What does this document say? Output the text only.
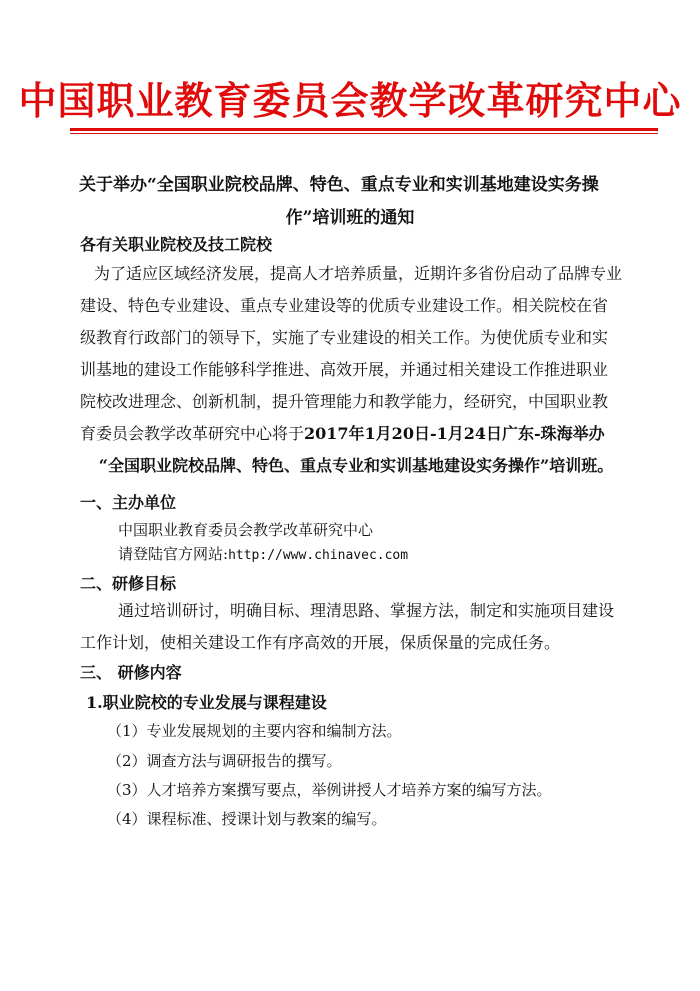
中国职业教育委员会教学改革研究中心
关于举办“全国职业院校品牌、特色、重点专业和实训基地建设实务操
作”培训班的通知
各有关职业院校及技工院校
为了适应区域经济发展，提高人才培养质量，近期许多省份启动了品牌专业
建设、特色专业建设、重点专业建设等的优质专业建设工作。相关院校在省
级教育行政部门的领导下，实施了专业建设的相关工作。为使优质专业和实
训基地的建设工作能够科学推进、高效开展，并通过相关建设工作推进职业
院校改进理念、创新机制，提升管理能力和教学能力，经研究，中国职业教
育委员会教学改革研究中心将于2017年1月20日-1月24日广东-珠海举办
“全国职业院校品牌、特色、重点专业和实训基地建设实务操作”培训班。
一、主办单位
中国职业教育委员会教学改革研究中心
请登陆官方网站:http://www.chinavec.com
二、研修目标
通过培训研讨，明确目标、理清思路、掌握方法，制定和实施项目建设
工作计划，使相关建设工作有序高效的开展，保质保量的完成任务。
三、 研修内容
1.职业院校的专业发展与课程建设
（1）专业发展规划的主要内容和编制方法。
（2）调查方法与调研报告的撰写。
（3）人才培养方案撰写要点，举例讲授人才培养方案的编写方法。
（4）课程标准、授课计划与教案的编写。
